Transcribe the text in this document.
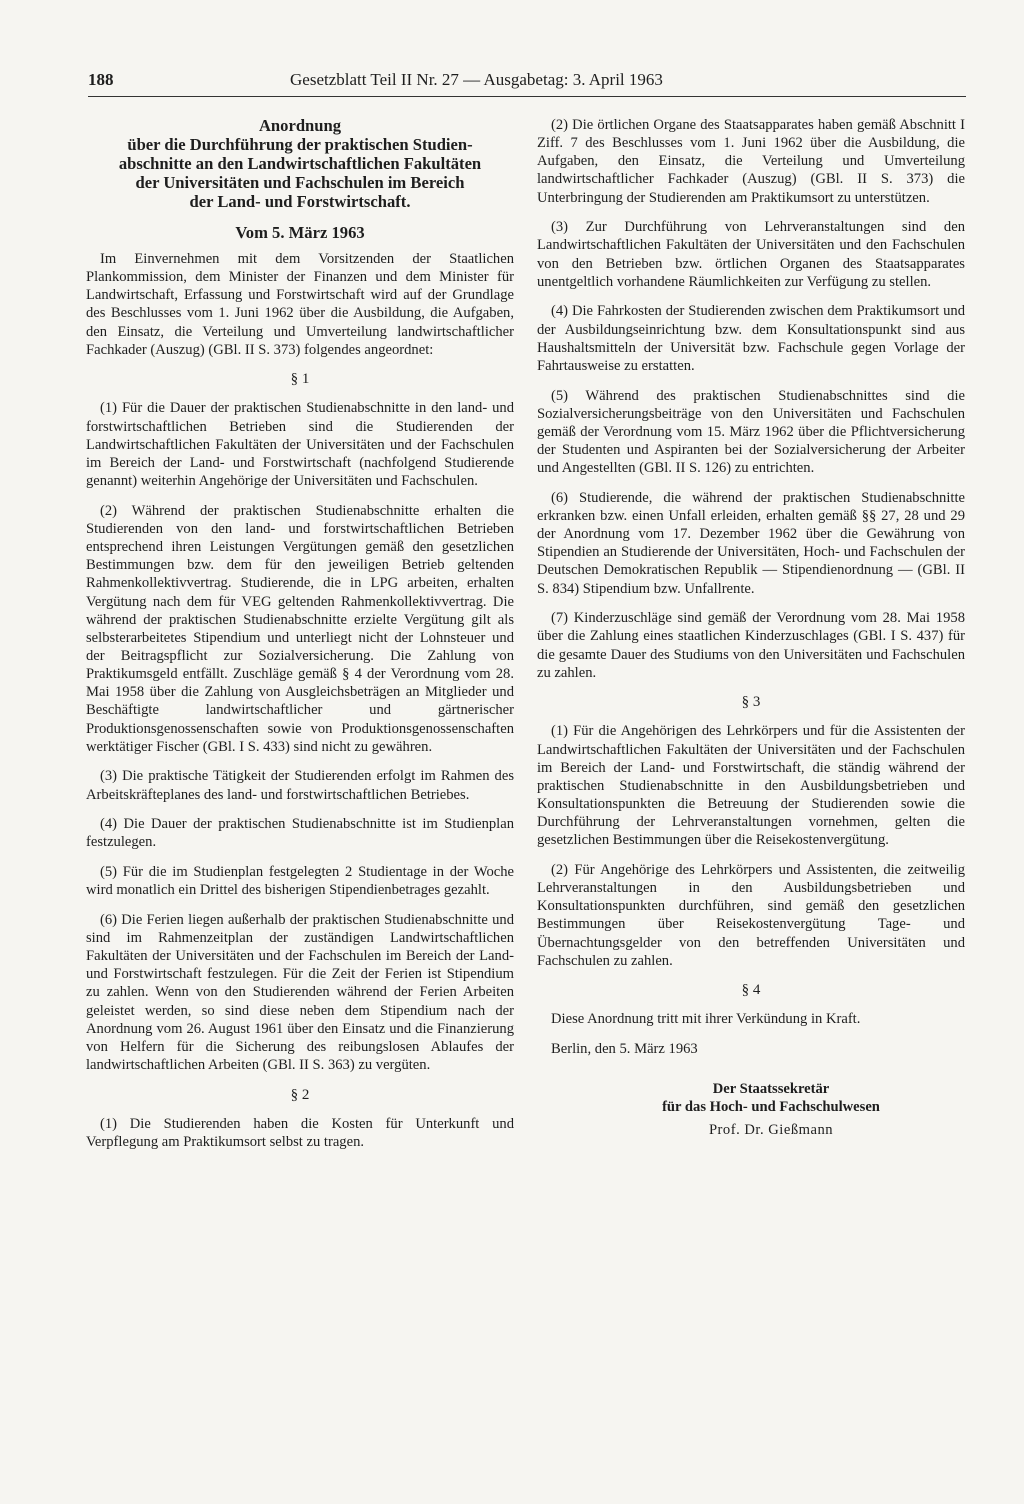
188	Gesetzblatt Teil II Nr. 27 — Ausgabetag: 3. April 1963

Anordnung

über die Durchführung der praktischen Studien-

abschnitte an den Landwirtschaftlichen Fakultäten

der Universitäten und Fachschulen im Bereich

der Land- und Forstwirtschaft.

Vom 5. März 1963

Im Einvernehmen mit dem Vorsitzenden der Staatlichen Plankommission, dem Minister der Finanzen und dem Minister für Landwirtschaft, Erfassung und Forstwirtschaft wird auf der Grundlage des Beschlusses vom 1. Juni 1962 über die Ausbildung, die Aufgaben, den Einsatz, die Verteilung und Umverteilung landwirtschaftlicher Fachkader (Auszug) (GBl. II S. 373) folgendes angeordnet:

§ 1

(1) Für die Dauer der praktischen Studienabschnitte in den land- und forstwirtschaftlichen Betrieben sind die Studierenden der Landwirtschaftlichen Fakultäten der Universitäten und der Fachschulen im Bereich der Land- und Forstwirtschaft (nachfolgend Studierende genannt) weiterhin Angehörige der Universitäten und Fachschulen.

(2) Während der praktischen Studienabschnitte erhalten die Studierenden von den land- und forstwirtschaftlichen Betrieben entsprechend ihren Leistungen Vergütungen gemäß den gesetzlichen Bestimmungen bzw. dem für den jeweiligen Betrieb geltenden Rahmenkollektivvertrag. Studierende, die in LPG arbeiten, erhalten Vergütung nach dem für VEG geltenden Rahmenkollektivvertrag. Die während der praktischen Studienabschnitte erzielte Vergütung gilt als selbsterarbeitetes Stipendium und unterliegt nicht der Lohnsteuer und der Beitragspflicht zur Sozialversicherung. Die Zahlung von Praktikumsgeld entfällt. Zuschläge gemäß § 4 der Verordnung vom 28. Mai 1958 über die Zahlung von Ausgleichsbeträgen an Mitglieder und Beschäftigte landwirtschaftlicher und gärtnerischer Produktionsgenossenschaften sowie von Produktionsgenossenschaften werktätiger Fischer (GBl. I S. 433) sind nicht zu gewähren.

(3) Die praktische Tätigkeit der Studierenden erfolgt im Rahmen des Arbeitskräfteplanes des land- und forstwirtschaftlichen Betriebes.

(4) Die Dauer der praktischen Studienabschnitte ist im Studienplan festzulegen.

(5) Für die im Studienplan festgelegten 2 Studientage in der Woche wird monatlich ein Drittel des bisherigen Stipendienbetrages gezahlt.

(6) Die Ferien liegen außerhalb der praktischen Studienabschnitte und sind im Rahmenzeitplan der zuständigen Landwirtschaftlichen Fakultäten der Universitäten und der Fachschulen im Bereich der Land- und Forstwirtschaft festzulegen. Für die Zeit der Ferien ist Stipendium zu zahlen. Wenn von den Studierenden während der Ferien Arbeiten geleistet werden, so sind diese neben dem Stipendium nach der Anordnung vom 26. August 1961 über den Einsatz und die Finanzierung von Helfern für die Sicherung des reibungslosen Ablaufes der landwirtschaftlichen Arbeiten (GBl. II S. 363) zu vergüten.

§ 2

(1) Die Studierenden haben die Kosten für Unterkunft und Verpflegung am Praktikumsort selbst zu tragen.

(2) Die örtlichen Organe des Staatsapparates haben gemäß Abschnitt I Ziff. 7 des Beschlusses vom 1. Juni 1962 über die Ausbildung, die Aufgaben, den Einsatz, die Verteilung und Umverteilung landwirtschaftlicher Fachkader (Auszug) (GBl. II S. 373) die Unterbringung der Studierenden am Praktikumsort zu unterstützen.

(3) Zur Durchführung von Lehrveranstaltungen sind den Landwirtschaftlichen Fakultäten der Universitäten und den Fachschulen von den Betrieben bzw. örtlichen Organen des Staatsapparates unentgeltlich vorhandene Räumlichkeiten zur Verfügung zu stellen.

(4) Die Fahrkosten der Studierenden zwischen dem Praktikumsort und der Ausbildungseinrichtung bzw. dem Konsultationspunkt sind aus Haushaltsmitteln der Universität bzw. Fachschule gegen Vorlage der Fahrtausweise zu erstatten.

(5) Während des praktischen Studienabschnittes sind die Sozialversicherungsbeiträge von den Universitäten und Fachschulen gemäß der Verordnung vom 15. März 1962 über die Pflichtversicherung der Studenten und Aspiranten bei der Sozialversicherung der Arbeiter und Angestellten (GBl. II S. 126) zu entrichten.

(6) Studierende, die während der praktischen Studienabschnitte erkranken bzw. einen Unfall erleiden, erhalten gemäß §§ 27, 28 und 29 der Anordnung vom 17. Dezember 1962 über die Gewährung von Stipendien an Studierende der Universitäten, Hoch- und Fachschulen der Deutschen Demokratischen Republik — Stipendienordnung — (GBl. II S. 834) Stipendium bzw. Unfallrente.

(7) Kinderzuschläge sind gemäß der Verordnung vom 28. Mai 1958 über die Zahlung eines staatlichen Kinderzuschlages (GBl. I S. 437) für die gesamte Dauer des Studiums von den Universitäten und Fachschulen zu zahlen.

§ 3

(1) Für die Angehörigen des Lehrkörpers und für die Assistenten der Landwirtschaftlichen Fakultäten der Universitäten und der Fachschulen im Bereich der Land- und Forstwirtschaft, die ständig während der praktischen Studienabschnitte in den Ausbildungsbetrieben und Konsultationspunkten die Betreuung der Studierenden sowie die Durchführung der Lehrveranstaltungen vornehmen, gelten die gesetzlichen Bestimmungen über die Reisekostenvergütung.

(2) Für Angehörige des Lehrkörpers und Assistenten, die zeitweilig Lehrveranstaltungen in den Ausbildungsbetrieben und Konsultationspunkten durchführen, sind gemäß den gesetzlichen Bestimmungen über Reisekostenvergütung Tage- und Übernachtungsgelder von den betreffenden Universitäten und Fachschulen zu zahlen.

§ 4

Diese Anordnung tritt mit ihrer Verkündung in Kraft.

Berlin, den 5. März 1963
Der Staatssekretär
für das Hoch- und Fachschulwesen
Prof. Dr. Gießmann
